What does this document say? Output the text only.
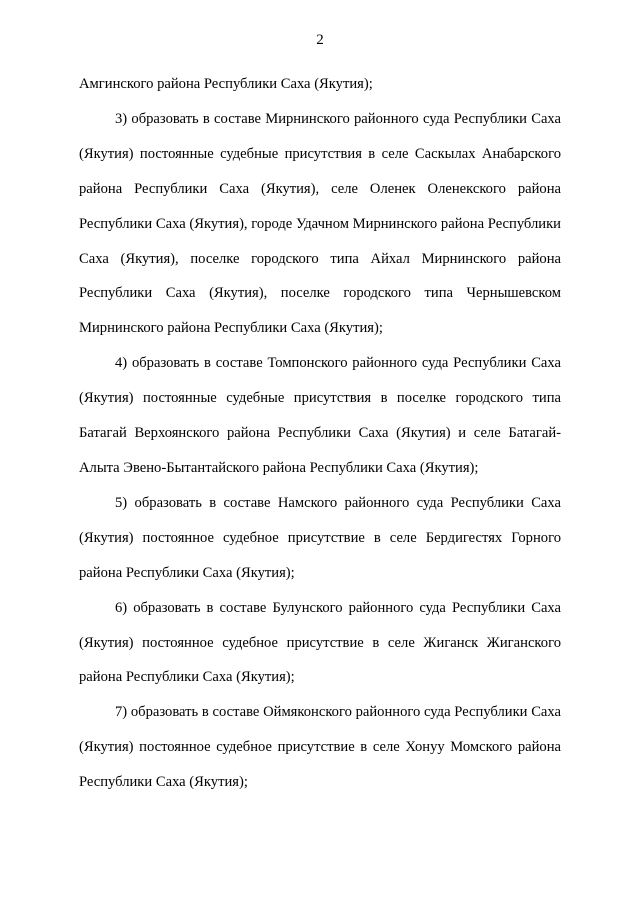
2

Амгинского района Республики Саха (Якутия);

3) образовать в составе Мирнинского районного суда Республики Саха (Якутия) постоянные судебные присутствия в селе Саскылах Анабарского района Республики Саха (Якутия), селе Оленек Оленекского района Республики Саха (Якутия), городе Удачном Мирнинского района Республики Саха (Якутия), поселке городского типа Айхал Мирнинского района Республики Саха (Якутия), поселке городского типа Чернышевском Мирнинского района Республики Саха (Якутия);

4) образовать в составе Томпонского районного суда Республики Саха (Якутия) постоянные судебные присутствия в поселке городского типа Батагай Верхоянского района Республики Саха (Якутия) и селе Батагай-Алыта Эвено-Бытантайского района Республики Саха (Якутия);

5) образовать в составе Намского районного суда Республики Саха (Якутия) постоянное судебное присутствие в селе Бердигестях Горного района Республики Саха (Якутия);

6) образовать в составе Булунского районного суда Республики Саха (Якутия) постоянное судебное присутствие в селе Жиганск Жиганского района Республики Саха (Якутия);

7) образовать в составе Оймяконского районного суда Республики Саха (Якутия) постоянное судебное присутствие в селе Хонуу Момского района Республики Саха (Якутия);
